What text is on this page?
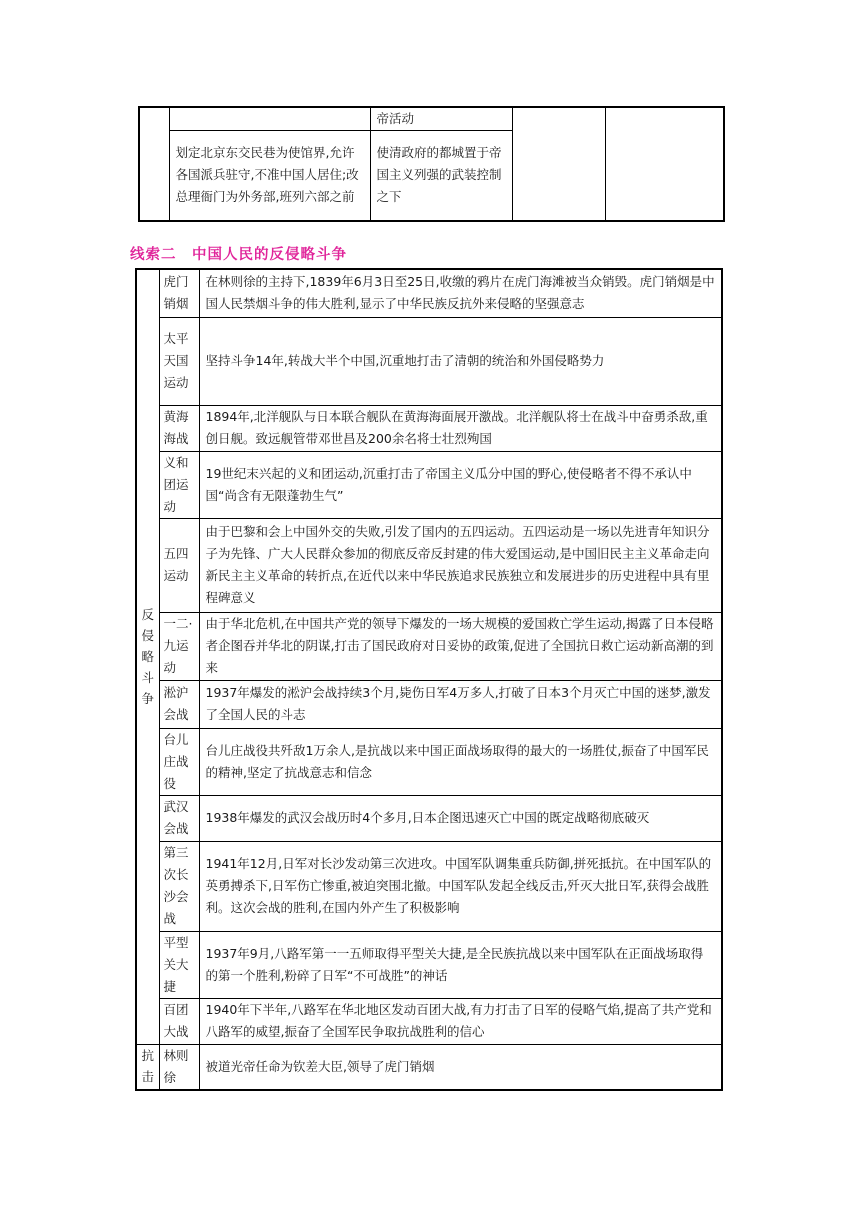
		帝活动		
	划定北京东交民巷为使馆界,允许各国派兵驻守,不准中国人居住;改总理衙门为外务部,班列六部之前	使清政府的都城置于帝国主义列强的武装控制之下		
线索二　中国人民的反侵略斗争
反侵略斗争	虎门销烟	在林则徐的主持下,1839年6月3日至25日,收缴的鸦片在虎门海滩被当众销毁。虎门销烟是中国人民禁烟斗争的伟大胜利,显示了中华民族反抗外来侵略的坚强意志
	太平天国运动	坚持斗争14年,转战大半个中国,沉重地打击了清朝的统治和外国侵略势力
	黄海海战	1894年,北洋舰队与日本联合舰队在黄海海面展开激战。北洋舰队将士在战斗中奋勇杀敌,重创日舰。致远舰管带邓世昌及200余名将士壮烈殉国
	义和团运动	19世纪末兴起的义和团运动,沉重打击了帝国主义瓜分中国的野心,使侵略者不得不承认中国“尚含有无限蓬勃生气”
	五四运动	由于巴黎和会上中国外交的失败,引发了国内的五四运动。五四运动是一场以先进青年知识分子为先锋、广大人民群众参加的彻底反帝反封建的伟大爱国运动,是中国旧民主主义革命走向新民主主义革命的转折点,在近代以来中华民族追求民族独立和发展进步的历史进程中具有里程碑意义
	一二·九运动	由于华北危机,在中国共产党的领导下爆发的一场大规模的爱国救亡学生运动,揭露了日本侵略者企图吞并华北的阴谋,打击了国民政府对日妥协的政策,促进了全国抗日救亡运动新高潮的到来
	淞沪会战	1937年爆发的淞沪会战持续3个月,毙伤日军4万多人,打破了日本3个月灭亡中国的迷梦,激发了全国人民的斗志
	台儿庄战役	台儿庄战役共歼敌1万余人,是抗战以来中国正面战场取得的最大的一场胜仗,振奋了中国军民的精神,坚定了抗战意志和信念
	武汉会战	1938年爆发的武汉会战历时4个多月,日本企图迅速灭亡中国的既定战略彻底破灭
	第三次长沙会战	1941年12月,日军对长沙发动第三次进攻。中国军队调集重兵防御,拼死抵抗。在中国军队的英勇搏杀下,日军伤亡惨重,被迫突围北撤。中国军队发起全线反击,歼灭大批日军,获得会战胜利。这次会战的胜利,在国内外产生了积极影响
	平型关大捷	1937年9月,八路军第一一五师取得平型关大捷,是全民族抗战以来中国军队在正面战场取得的第一个胜利,粉碎了日军“不可战胜”的神话
	百团大战	1940年下半年,八路军在华北地区发动百团大战,有力打击了日军的侵略气焰,提高了共产党和八路军的威望,振奋了全国军民争取抗战胜利的信心
抗击	林则徐	被道光帝任命为钦差大臣,领导了虎门销烟
